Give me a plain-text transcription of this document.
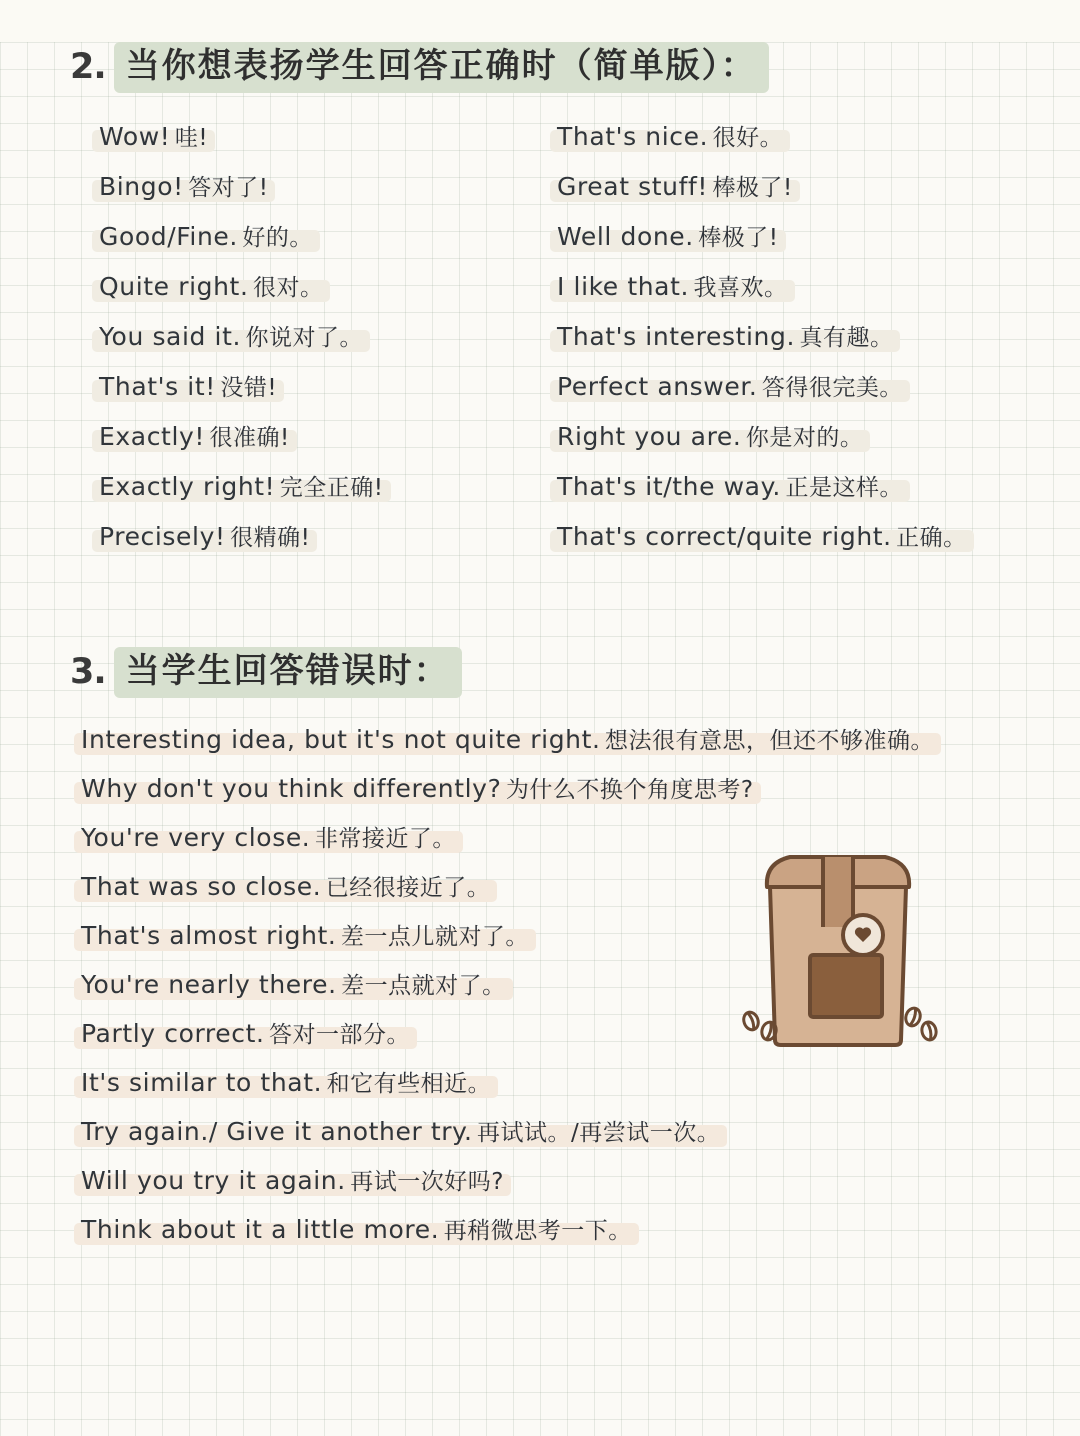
2. 当你想表扬学生回答正确时（简单版）：
Wow! 哇!
Bingo! 答对了!
Good/Fine. 好的。
Quite right. 很对。
You said it. 你说对了。
That's it! 没错!
Exactly! 很准确!
Exactly right! 完全正确!
Precisely! 很精确!
That's nice. 很好。
Great stuff! 棒极了!
Well done. 棒极了!
I like that. 我喜欢。
That's interesting. 真有趣。
Perfect answer. 答得很完美。
Right you are. 你是对的。
That's it/the way. 正是这样。
That's correct/quite right. 正确。
3. 当学生回答错误时：
Interesting idea, but it's not quite right. 想法很有意思，但还不够准确。
Why don't you think differently? 为什么不换个角度思考?
You're very close. 非常接近了。
That was so close. 已经很接近了。
That's almost right. 差一点儿就对了。
You're nearly there. 差一点就对了。
Partly correct. 答对一部分。
It's similar to that. 和它有些相近。
Try again./ Give it another try. 再试试。/再尝试一次。
Will you try it again. 再试一次好吗?
Think about it a little more. 再稍微思考一下。
